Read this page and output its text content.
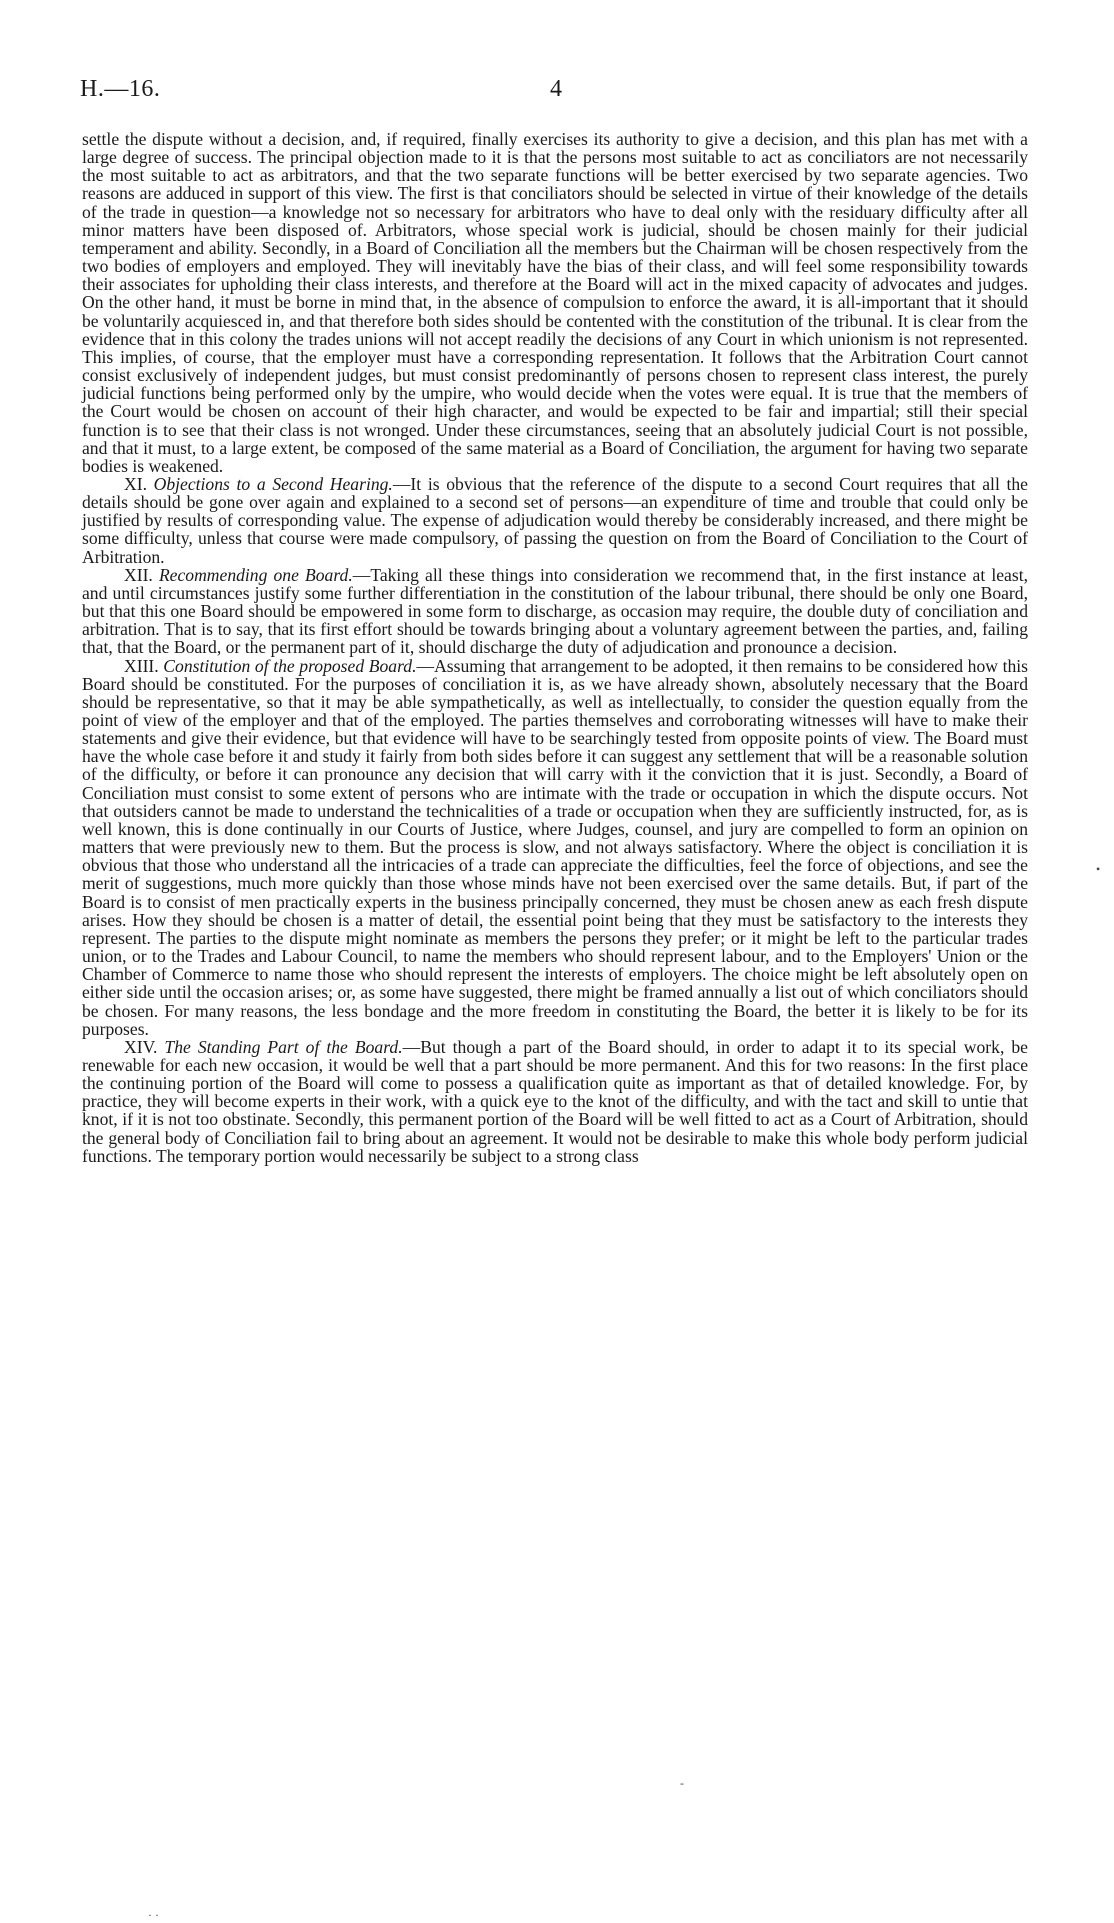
H.—16.	4

settle the dispute without a decision, and, if required, finally exercises its authority to give a decision, and this plan has met with a large degree of success. The principal objection made to it is that the persons most suitable to act as conciliators are not necessarily the most suitable to act as arbitrators, and that the two separate functions will be better exercised by two separate agencies. Two reasons are adduced in support of this view. The first is that conciliators should be selected in virtue of their knowledge of the details of the trade in question—a knowledge not so necessary for arbitrators who have to deal only with the residuary difficulty after all minor matters have been disposed of. Arbitrators, whose special work is judicial, should be chosen mainly for their judicial temperament and ability. Secondly, in a Board of Conciliation all the members but the Chairman will be chosen respectively from the two bodies of employers and employed. They will inevitably have the bias of their class, and will feel some responsibility towards their associates for upholding their class interests, and therefore at the Board will act in the mixed capacity of advocates and judges. On the other hand, it must be borne in mind that, in the absence of compulsion to enforce the award, it is all-important that it should be voluntarily acquiesced in, and that therefore both sides should be contented with the constitution of the tribunal. It is clear from the evidence that in this colony the trades unions will not accept readily the decisions of any Court in which unionism is not represented. This implies, of course, that the employer must have a corresponding representation. It follows that the Arbitration Court cannot consist exclusively of independent judges, but must consist predominantly of persons chosen to represent class interest, the purely judicial functions being performed only by the umpire, who would decide when the votes were equal. It is true that the members of the Court would be chosen on account of their high character, and would be expected to be fair and impartial; still their special function is to see that their class is not wronged. Under these circumstances, seeing that an absolutely judicial Court is not possible, and that it must, to a large extent, be composed of the same material as a Board of Conciliation, the argument for having two separate bodies is weakened.

XI. Objections to a Second Hearing.—It is obvious that the reference of the dispute to a second Court requires that all the details should be gone over again and explained to a second set of persons—an expenditure of time and trouble that could only be justified by results of corresponding value. The expense of adjudication would thereby be considerably increased, and there might be some difficulty, unless that course were made compulsory, of passing the question on from the Board of Conciliation to the Court of Arbitration.

XII. Recommending one Board.—Taking all these things into consideration we recommend that, in the first instance at least, and until circumstances justify some further differentiation in the constitution of the labour tribunal, there should be only one Board, but that this one Board should be empowered in some form to discharge, as occasion may require, the double duty of conciliation and arbitration. That is to say, that its first effort should be towards bringing about a voluntary agreement between the parties, and, failing that, that the Board, or the permanent part of it, should discharge the duty of adjudication and pronounce a decision.

XIII. Constitution of the proposed Board.—Assuming that arrangement to be adopted, it then remains to be considered how this Board should be constituted. For the purposes of conciliation it is, as we have already shown, absolutely necessary that the Board should be representative, so that it may be able sympathetically, as well as intellectually, to consider the question equally from the point of view of the employer and that of the employed. The parties themselves and corroborating witnesses will have to make their statements and give their evidence, but that evidence will have to be searchingly tested from opposite points of view. The Board must have the whole case before it and study it fairly from both sides before it can suggest any settlement that will be a reasonable solution of the difficulty, or before it can pronounce any decision that will carry with it the conviction that it is just. Secondly, a Board of Conciliation must consist to some extent of persons who are intimate with the trade or occupation in which the dispute occurs. Not that outsiders cannot be made to understand the technicalities of a trade or occupation when they are sufficiently instructed, for, as is well known, this is done continually in our Courts of Justice, where Judges, counsel, and jury are compelled to form an opinion on matters that were previously new to them. But the process is slow, and not always satisfactory. Where the object is conciliation it is obvious that those who understand all the intricacies of a trade can appreciate the difficulties, feel the force of objections, and see the merit of suggestions, much more quickly than those whose minds have not been exercised over the same details. But, if part of the Board is to consist of men practically experts in the business principally concerned, they must be chosen anew as each fresh dispute arises. How they should be chosen is a matter of detail, the essential point being that they must be satisfactory to the interests they represent. The parties to the dispute might nominate as members the persons they prefer; or it might be left to the particular trades union, or to the Trades and Labour Council, to name the members who should represent labour, and to the Employers' Union or the Chamber of Commerce to name those who should represent the interests of employers. The choice might be left absolutely open on either side until the occasion arises; or, as some have suggested, there might be framed annually a list out of which conciliators should be chosen. For many reasons, the less bondage and the more freedom in constituting the Board, the better it is likely to be for its purposes.

XIV. The Standing Part of the Board.—But though a part of the Board should, in order to adapt it to its special work, be renewable for each new occasion, it would be well that a part should be more permanent. And this for two reasons: In the first place the continuing portion of the Board will come to possess a qualification quite as important as that of detailed knowledge. For, by practice, they will become experts in their work, with a quick eye to the knot of the difficulty, and with the tact and skill to untie that knot, if it is not too obstinate. Secondly, this permanent portion of the Board will be well fitted to act as a Court of Arbitration, should the general body of Conciliation fail to bring about an agreement. It would not be desirable to make this whole body perform judicial functions. The temporary portion would necessarily be subject to a strong class

•
‐
· ·
